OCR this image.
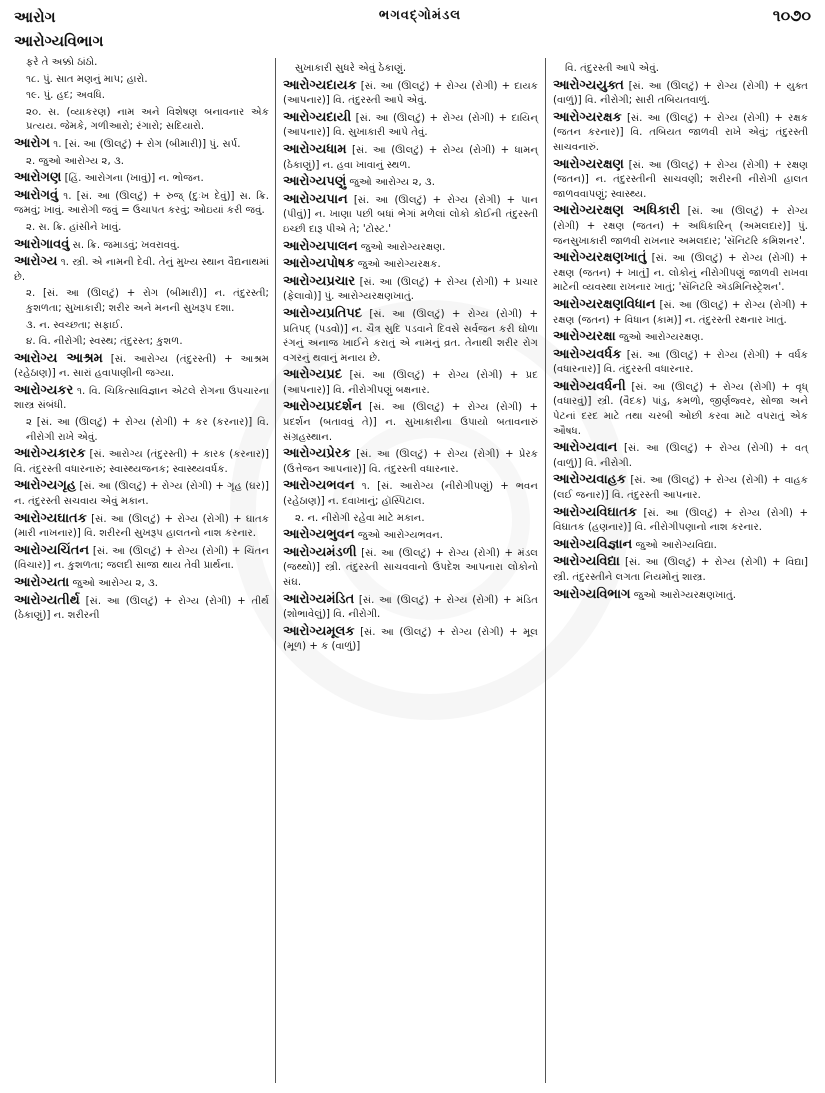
આરોગ	ભગવદ્ગોમંડલ	૧૦૭૦
આરોગ્યવિભાગ
ફરે તે અક્કો ઠાંઠો.
૧૮. પું. સાત મણનું માપ; હારો.
૧૯. પું. હદ; અવધિ.
૨૦. સ. (વ્યાકરણ) નામ અને વિશેષણ બનાવનાર એક પ્રત્યય. જેમકે, ગળીઆરો; રંગારો; સદિયારો.
આરોગ ૧. [સં. આ (ઊલટું) + રોગ (બીમારી)] પું. સર્પ.
૨. જુઓ આરોગ્ય ૨, ૩.
આરોગણ [હિં. આરોગના (ખાવું)] ન. ભોજન.
આરોગવું ૧. [સં. આ (ઊલટું) + રુજ્ (દુઃખ દેવું)] સ. ક્રિ. જમવું; ખાવું. આરોગી જવું = ઉચાપત કરવું; ઓઇયાં કરી જવું.
૨. સ. ક્રિ. હાંસીને ખાવું.
આરોગાવવું સ. ક્રિ. જમાડવું; ખવરાવવું.
આરોગ્ય ૧. સ્ત્રી. એ નામની દેવી. તેનું મુખ્ય સ્થાન વૈદ્યનાથમાં છે.
૨. [સં. આ (ઊલટું) + રોગ (બીમારી)] ન. તંદુરસ્તી; કુશળતા; સુખાકારી; શરીર અને મનની સુખરૂપ દશા.
૩. ન. સ્વચ્છતા; સફાઈ.
૪. વિ. નીરોગી; સ્વસ્થ; તંદુરસ્ત; કુશળ.
આરોગ્ય આશ્રમ [સં. આરોગ્ય (તંદુરસ્તી) + આશ્રમ (રહેઠાણ)] ન. સારાં હવાપાણીની જગ્યા.
આરોગ્યકર ૧. વિ. ચિકિત્સાવિજ્ઞાન એટલે રોગના ઉપચારના શાસ્ત્ર સંબંધી.
૨ [સં. આ (ઊલટું) + રોગ્ય (રોગી) + કર (કરનાર)] વિ. નીરોગી રાખે એવું.
આરોગ્યકારક [સં. આરોગ્ય (તંદુરસ્તી) + કારક (કરનાર)] વિ. તંદુરસ્તી વધારનારું; સ્વાસ્થ્યજનક; સ્વાસ્થ્યવર્ધક.
આરોગ્યગૃહ [સં. આ (ઊલટું) + રોગ્ય (રોગી) + ગૃહ (ઘર)] ન. તંદુરસ્તી સચવાય એવું મકાન.
આરોગ્યઘાતક [સં. આ (ઊલટું) + રોગ્ય (રોગી) + ઘાતક (મારી નાખનાર)] વિ. શરીરની સુખરૂપ હાલતનો નાશ કરનાર.
આરોગ્યચિંતન [સં. આ (ઊલટું) + રોગ્ય (રોગી) + ચિંતન (વિચાર)] ન. કુશળતા; જલદી સાજા થાય તેવી પ્રાર્થના.
આરોગ્યતા જુઓ આરોગ્ય ૨, ૩.
આરોગ્યતીર્થ [સં. આ (ઊલટું) + રોગ્ય (રોગી) + તીર્થ (ઠેકાણું)] ન. શરીરની
સુખાકારી સુધરે એવું ઠેકાણું.
આરોગ્યદાયક [સં. આ (ઊલટું) + રોગ્ય (રોગી) + દાયક (આપનાર)] વિ. તંદુરસ્તી આપે એવું.
આરોગ્યદાયી [સં. આ (ઊલટું) + રોગ્ય (રોગી) + દાયિન્ (આપનાર)] વિ. સુખાકારી આપે તેવું.
આરોગ્યધામ [સં. આ (ઊલટું) + રોગ્ય (રોગી) + ધામન્ (ઠેકાણું)] ન. હવા ખાવાનું સ્થળ.
આરોગ્યપણું જુઓ આરોગ્ય ૨, ૩.
આરોગ્યપાન [સં. આ (ઊલટું) + રોગ્ય (રોગી) + પાન (પીવું)] ન. ખાણા પછી બધાં ભેગાં મળેલાં લોકો કોઈની તંદુરસ્તી ઇચ્છી દારૂ પીએ તે; 'ટોસ્ટ.'
આરોગ્યપાલન જુઓ આરોગ્યરક્ષણ.
આરોગ્યપોષક જુઓ આરોગ્યરક્ષક.
આરોગ્યપ્રચાર [સં. આ (ઊલટું) + રોગ્ય (રોગી) + પ્રચાર (ફેલાવો)] પું. આરોગ્યરક્ષણખાતું.
આરોગ્યપ્રતિપદ [સં. આ (ઊલટું) + રોગ્ય (રોગી) + પ્રતિપદ્ (પડવો)] ન. ચૈત્ર સુદિ પડવાને દિવસે સર્વજન કરી ઘોળા રંગનું અનાજ ખાઈને કરાતું એ નામનું વ્રત. તેનાથી શરીર રોગ વગરનું થવાનું મનાય છે.
આરોગ્યપ્રદ [સં. આ (ઊલટું) + રોગ્ય (રોગી) + પ્રદ (આપનાર)] વિ. નીરોગીપણું બક્ષનાર.
આરોગ્યપ્રદર્શન [સં. આ (ઊલટું) + રોગ્ય (રોગી) + પ્રદર્શન (બતાવવું તે)] ન. સુખાકારીના ઉપાયો બતાવનારું સંગ્રહસ્થાન.
આરોગ્યપ્રેરક [સં. આ (ઊલટું) + રોગ્ય (રોગી) + પ્રેરક (ઉત્તેજન આપનાર)] વિ. તંદુરસ્તી વધારનાર.
આરોગ્યભવન ૧. [સં. આરોગ્ય (નીરોગીપણું) + ભવન (રહેઠાણ)] ન. દવાખાનું; હૉસ્પિટાલ.
૨. ન. નીરોગી રહેવા માટે મકાન.
આરોગ્યભુવન જુઓ આરોગ્યભવન.
આરોગ્યમંડળી [સં. આ (ઊલટું) + રોગ્ય (રોગી) + મંડલ (જથ્થો)] સ્ત્રી. તંદુરસ્તી સાચવવાનો ઉપદેશ આપનારા લોકોનો સંઘ.
આરોગ્યમંડિત [સં. આ (ઊલટું) + રોગ્ય (રોગી) + મંડિત (શોભાવેલું)] વિ. નીરોગી.
આરોગ્યમૂલક [સં. આ (ઊલટું) + રોગ્ય (રોગી) + મૂલ (મૂળ) + ક (વાળું)]
વિ. તંદુરસ્તી આપે એવું.
આરોગ્યયુક્ત [સં. આ (ઊલટું) + રોગ્ય (રોગી) + યુક્ત (વાળું)] વિ. નીરોગી; સારી તબિયતવાળું.
આરોગ્યરક્ષક [સં. આ (ઊલટું) + રોગ્ય (રોગી) + રક્ષક (જતન કરનાર)] વિ. તબિયત જાળવી રાખે એવું; તંદુરસ્તી સાચવનારું.
આરોગ્યરક્ષણ [સં. આ (ઊલટું) + રોગ્ય (રોગી) + રક્ષણ (જતન)] ન. તંદુરસ્તીની સાચવણી; શરીરની નીરોગી હાલત જાળવવાપણું; સ્વાસ્થ્ય.
આરોગ્યરક્ષણ અધિકારી [સં. આ (ઊલટું) + રોગ્ય (રોગી) + રક્ષણ (જતન) + અધિકારિન્ (અમલદાર)] પું. જનસુખાકારી જાળવી રાખનાર અમલદાર; 'સૅનિટરિ કમિશનર'.
આરોગ્યરક્ષણખાતું [સં. આ (ઊલટું) + રોગ્ય (રોગી) + રક્ષણ (જતન) + ખાતું] ન. લોકોનું નીરોગીપણું જાળવી રાખવા માટેની વ્યવસ્થા રાખનાર ખાતું; 'સૅનિટરિ ઍડમિનિસ્ટ્રેશન'.
આરોગ્યરક્ષણવિધાન [સં. આ (ઊલટું) + રોગ્ય (રોગી) + રક્ષણ (જતન) + વિધાન (કામ)] ન. તંદુરસ્તી રક્ષનાર ખાતું.
આરોગ્યરક્ષા જુઓ આરોગ્યરક્ષણ.
આરોગ્યવર્ધક [સં. આ (ઊલટું) + રોગ્ય (રોગી) + વર્ધક (વધારનાર)] વિ. તંદુરસ્તી વધારનાર.
આરોગ્યવર્ધની [સં. આ (ઊલટું) + રોગ્ય (રોગી) + વૃધ્ (વધારવું)] સ્ત્રી. (વૈદક) પાંડુ, કમળો, જીર્ણજ્વર, સોજા અને પેટનાં દરદ માટે તથા ચરબી ઓછી કરવા માટે વપરાતું એક ઔષધ.
આરોગ્યવાન [સં. આ (ઊલટું) + રોગ્ય (રોગી) + વત્ (વાળું)] વિ. નીરોગી.
આરોગ્યવાહક [સં. આ (ઊલટું) + રોગ્ય (રોગી) + વાહક (લઈ જનાર)] વિ. તંદુરસ્તી આપનાર.
આરોગ્યવિઘાતક [સં. આ (ઊલટું) + રોગ્ય (રોગી) + વિઘાતક (હણનાર)] વિ. નીરોગીપણાનો નાશ કરનાર.
આરોગ્યવિજ્ઞાન જુઓ આરોગ્યવિદ્યા.
આરોગ્યવિદ્યા [સં. આ (ઊલટું) + રોગ્ય (રોગી) + વિદ્યા] સ્ત્રી. તંદુરસ્તીને લગતા નિયમોનું શાસ્ત્ર.
આરોગ્યવિભાગ જુઓ આરોગ્યરક્ષણખાતું.
